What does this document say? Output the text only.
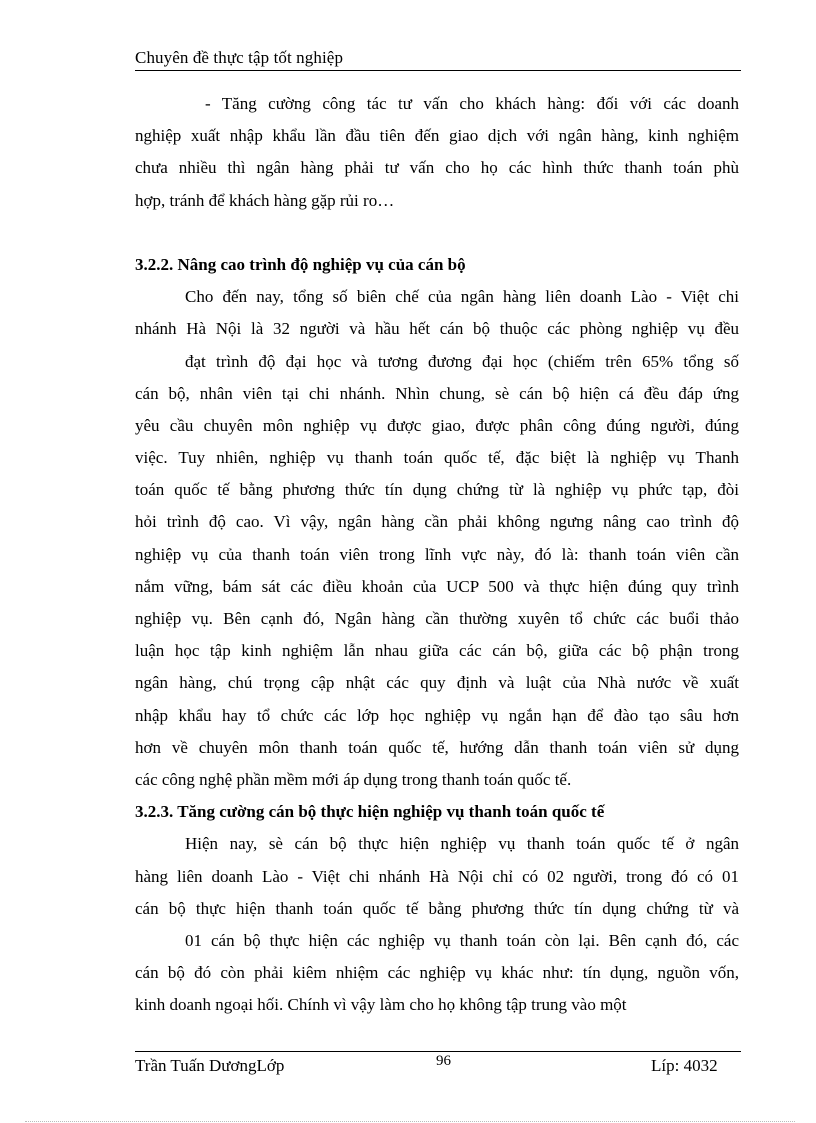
Chuyên đề thực tập tốt nghiệp
- Tăng cường công tác tư vấn cho khách hàng: đối với các doanh
nghiệp xuất nhập khẩu lần đầu tiên đến giao dịch với ngân hàng, kinh nghiệm
chưa nhiều thì ngân hàng phải tư vấn cho họ các hình thức thanh toán phù
hợp, tránh để khách hàng gặp rủi ro…
3.2.2. Nâng cao trình độ nghiệp vụ của cán bộ
Cho đến nay, tổng số biên chế của ngân hàng liên doanh Lào - Việt chi
nhánh Hà Nội là 32 người và hầu hết cán bộ thuộc các phòng nghiệp vụ đều
đạt trình độ đại học và tương đương đại học (chiếm trên 65% tổng số
cán bộ, nhân viên tại chi nhánh. Nhìn chung, sè cán bộ hiện cá đều đáp ứng
yêu cầu chuyên môn nghiệp vụ được giao, được phân công đúng người, đúng
việc. Tuy nhiên, nghiệp vụ thanh toán quốc tế, đặc biệt là nghiệp vụ Thanh
toán quốc tế bằng phương thức tín dụng chứng từ là nghiệp vụ phức tạp, đòi
hỏi trình độ cao. Vì vậy, ngân hàng cần phải không ngưng nâng cao trình độ
nghiệp vụ của thanh toán viên trong lĩnh vực này, đó là: thanh toán viên cần
nắm vững, bám sát các điều khoản của UCP 500 và thực hiện đúng quy trình
nghiệp vụ. Bên cạnh đó, Ngân hàng cần thường xuyên tổ chức các buổi thảo
luận học tập kinh nghiệm lẫn nhau giữa các cán bộ, giữa các bộ phận trong
ngân hàng, chú trọng cập nhật các quy định và luật của Nhà nước về xuất
nhập khẩu hay tổ chức các lớp học nghiệp vụ ngắn hạn để đào tạo sâu hơn
hơn về chuyên môn thanh toán quốc tế, hướng dẫn thanh toán viên sử dụng
các công nghệ phần mềm mới áp dụng trong thanh toán quốc tế.
3.2.3. Tăng cường cán bộ thực hiện nghiệp vụ thanh toán quốc tế
Hiện nay, sè cán bộ thực hiện nghiệp vụ thanh toán quốc tế ở ngân
hàng liên doanh Lào - Việt chi nhánh Hà Nội chỉ có 02 người, trong đó có 01
cán bộ thực hiện thanh toán quốc tế bằng phương thức tín dụng chứng từ và
01 cán bộ thực hiện các nghiệp vụ thanh toán còn lại. Bên cạnh đó, các
cán bộ đó còn phải kiêm nhiệm các nghiệp vụ khác như: tín dụng, nguồn vốn,
kinh doanh ngoại hối. Chính vì vậy làm cho họ không tập trung vào một
Trần Tuấn DươngLớp	96	Líp: 4032
